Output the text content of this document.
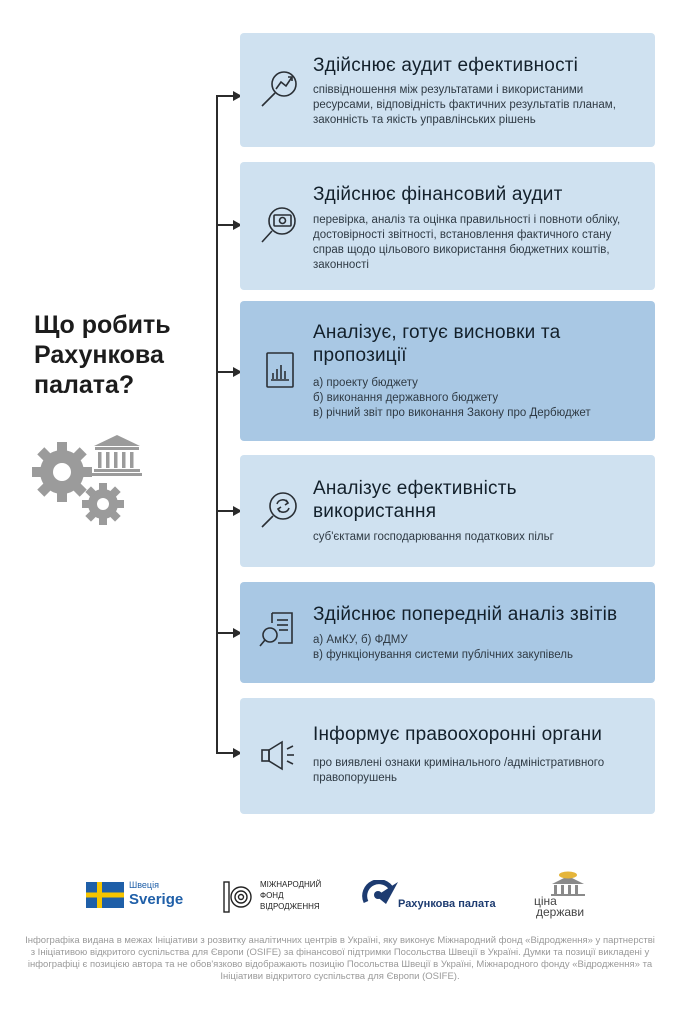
Що робить Рахункова палата?
Здійснює аудит ефективності

співвідношення між результатами і використаними ресурсами, відповідність фактичних результатів планам, законність та якість управлінських рішень

Здійснює фінансовий аудит

перевірка, аналіз та оцінка правильності і повноти обліку, достовірності звітності, встановлення фактичного стану справ щодо цільового використання бюджетних коштів, законності

Аналізує, готує висновки та пропозиції

а) проекту бюджету
б) виконання державного бюджету
в) річний звіт про виконання Закону про Дербюджет

Аналізує ефективність використання

суб'єктами господарювання податкових пільг

Здійснює попередній аналіз звітів

а) АмКУ, б) ФДМУ
в) функціонування системи публічних закупівель

Інформує правоохоронні органи

про виявлені ознаки кримінального /адміністративного правопорушень

Швеція
Sverige
МІЖНАРОДНИЙ
ФОНД
ВІДРОДЖЕННЯ	Рахункова палата	ціна
держави

Інфографіка видана в межах Ініціативи з розвитку аналітичних центрів в Україні, яку виконує Міжнародний фонд «Відродження» у партнерстві з Ініціативою відкритого суспільства для Європи (OSIFE) за фінансової підтримки Посольства Швеції в Україні. Думки та позиції викладені у інфографіці є позицією автора та не обов'язково відображають позицію Посольства Швеції в Україні, Міжнародного фонду «Відродження» та Ініціативи відкритого суспільства для Європи (OSIFE).
